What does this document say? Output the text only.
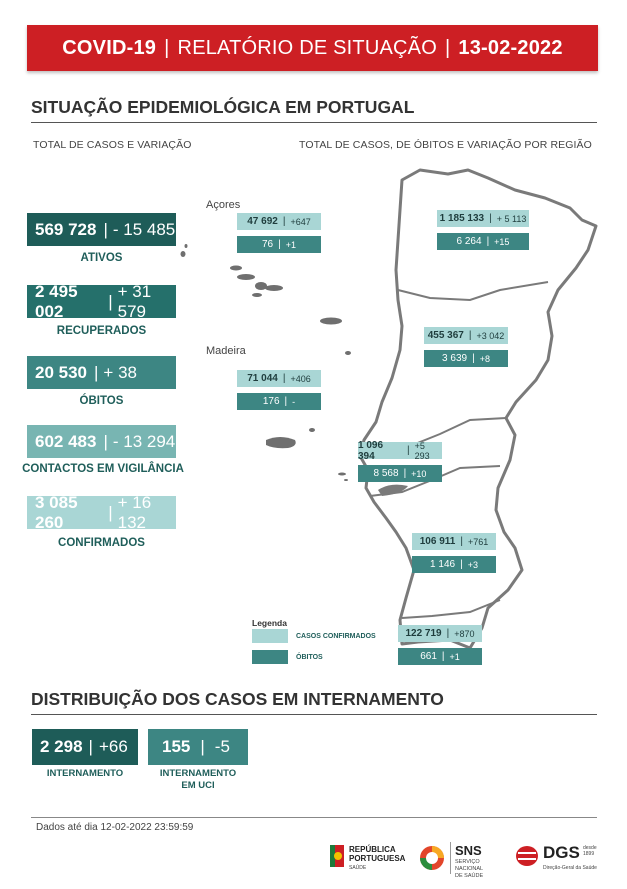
COVID-19 | RELATÓRIO DE SITUAÇÃO | 13-02-2022
SITUAÇÃO EPIDEMIOLÓGICA EM PORTUGAL
TOTAL DE CASOS E VARIAÇÃO	TOTAL DE CASOS, DE ÓBITOS E VARIAÇÃO POR REGIÃO
569 728 | - 15 485
ATIVOS
2 495 002
|
+ 31 579
RECUPERADOS
20 530 | + 38
ÓBITOS
602 483 | - 13 294
CONTACTOS EM VIGILÂNCIA
3 085 260
|
+ 16 132
CONFIRMADOS
Açores
Madeira
47 692 | +647
76 | +1
71 044 | +406
176 | -
1 185 133 | + 5 113
6 264 | +15
455 367 | +3 042
3 639 | +8
1 096 394	| +5 293
8 568 | +10
106 911 | +761
1 146 | +3
122 719 | +870
661 | +1
Legenda
CASOS CONFIRMADOS
ÓBITOS
DISTRIBUIÇÃO DOS CASOS EM INTERNAMENTO
2 298 | +66
INTERNAMENTO
155 | -5
INTERNAMENTO
EM UCI
Dados até dia 12-02-2022 23:59:59
REPÚBLICA
PORTUGUESA
SAÚDE
SNS
SERVIÇO NACIONAL
DE SAÚDE
DGS desde 1899
Direção-Geral da Saúde
